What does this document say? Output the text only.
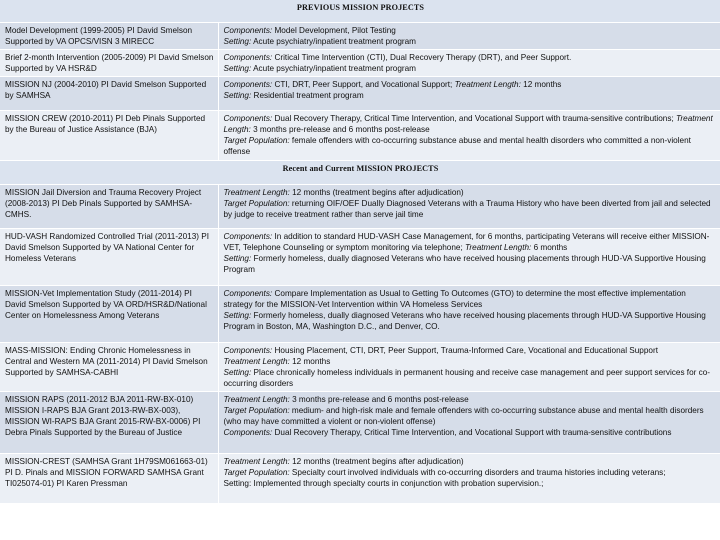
PREVIOUS MISSION PROJECTS	
Model Development (1999-2005) PI David Smelson Supported by VA OPCS/VISN 3 MIRECC	Components: Model Development, Pilot Testing
Setting: Acute psychiatry/inpatient treatment program

Brief 2-month Intervention (2005-2009) PI David Smelson Supported by VA HSR&D	Components: Critical Time Intervention (CTI), Dual Recovery Therapy (DRT), and Peer Support.
Setting: Acute psychiatry/inpatient treatment program

MISSION NJ (2004-2010) PI David Smelson Supported by SAMHSA	Components: CTI, DRT, Peer Support, and Vocational Support; Treatment Length: 12 months
Setting: Residential treatment program

MISSION CREW (2010-2011) PI Deb Pinals Supported by the Bureau of Justice Assistance (BJA)	Components: Dual Recovery Therapy, Critical Time Intervention, and Vocational Support with trauma-sensitive contributions; Treatment Length: 3 months pre-release and 6 months post-release
Target Population: female offenders with co-occurring substance abuse and mental health disorders who committed a non-violent offense

Recent and Current MISSION PROJECTS	
MISSION Jail Diversion and Trauma Recovery Project (2008-2013) PI Deb Pinals Supported by SAMHSA-CMHS.	Treatment Length: 12 months (treatment begins after adjudication)
Target Population: returning OIF/OEF Dually Diagnosed Veterans with a Trauma History who have been diverted from jail and selected by judge to receive treatment rather than serve jail time

HUD-VASH Randomized Controlled Trial (2011-2013) PI David Smelson Supported by VA National Center for Homeless Veterans	Components: In addition to standard HUD-VASH Case Management, for 6 months, participating Veterans will receive either MISSION-VET, Telephone Counseling or symptom monitoring via telephone; Treatment Length: 6 months
Setting: Formerly homeless, dually diagnosed Veterans who have received housing placements through HUD-VA Supportive Housing Program

MISSION-Vet Implementation Study (2011-2014) PI David Smelson Supported by VA ORD/HSR&D/National Center on Homelessness Among Veterans	Components: Compare Implementation as Usual to Getting To Outcomes (GTO) to determine the most effective implementation strategy for the MISSION-Vet Intervention within VA Homeless Services
Setting: Formerly homeless, dually diagnosed Veterans who have received housing placements through HUD-VA Supportive Housing Program in Boston, MA, Washington D.C., and Denver, CO.

MASS-MISSION: Ending Chronic Homelessness in Central and Western MA (2011-2014) PI David Smelson Supported by SAMHSA-CABHI	Components: Housing Placement, CTI, DRT, Peer Support, Trauma-Informed Care, Vocational and Educational Support
Treatment Length: 12 months
Setting: Place chronically homeless individuals in permanent housing and receive case management and peer support services for co-occurring disorders

MISSION RAPS (2011-2012 BJA 2011-RW-BX-010) MISSION I-RAPS BJA Grant 2013-RW-BX-003), MISSION WI-RAPS BJA Grant 2015-RW-BX-0006) PI Debra Pinals Supported by the Bureau of Justice	Treatment Length: 3 months pre-release and 6 months post-release
Target Population: medium- and high-risk male and female offenders with co-occurring substance abuse and mental health disorders (who may have committed a violent or non-violent offense)
Components: Dual Recovery Therapy, Critical Time Intervention, and Vocational Support with trauma-sensitive contributions

MISSION-CREST (SAMHSA Grant 1H79SM061663-01) PI D. Pinals and MISSION FORWARD SAMHSA Grant TI025074-01) PI Karen Pressman	Treatment Length: 12 months (treatment begins after adjudication)
Target Population: Specialty court involved individuals with co-occurring disorders and trauma histories including veterans;
Setting: Implemented through specialty courts in conjunction with probation supervision.;
